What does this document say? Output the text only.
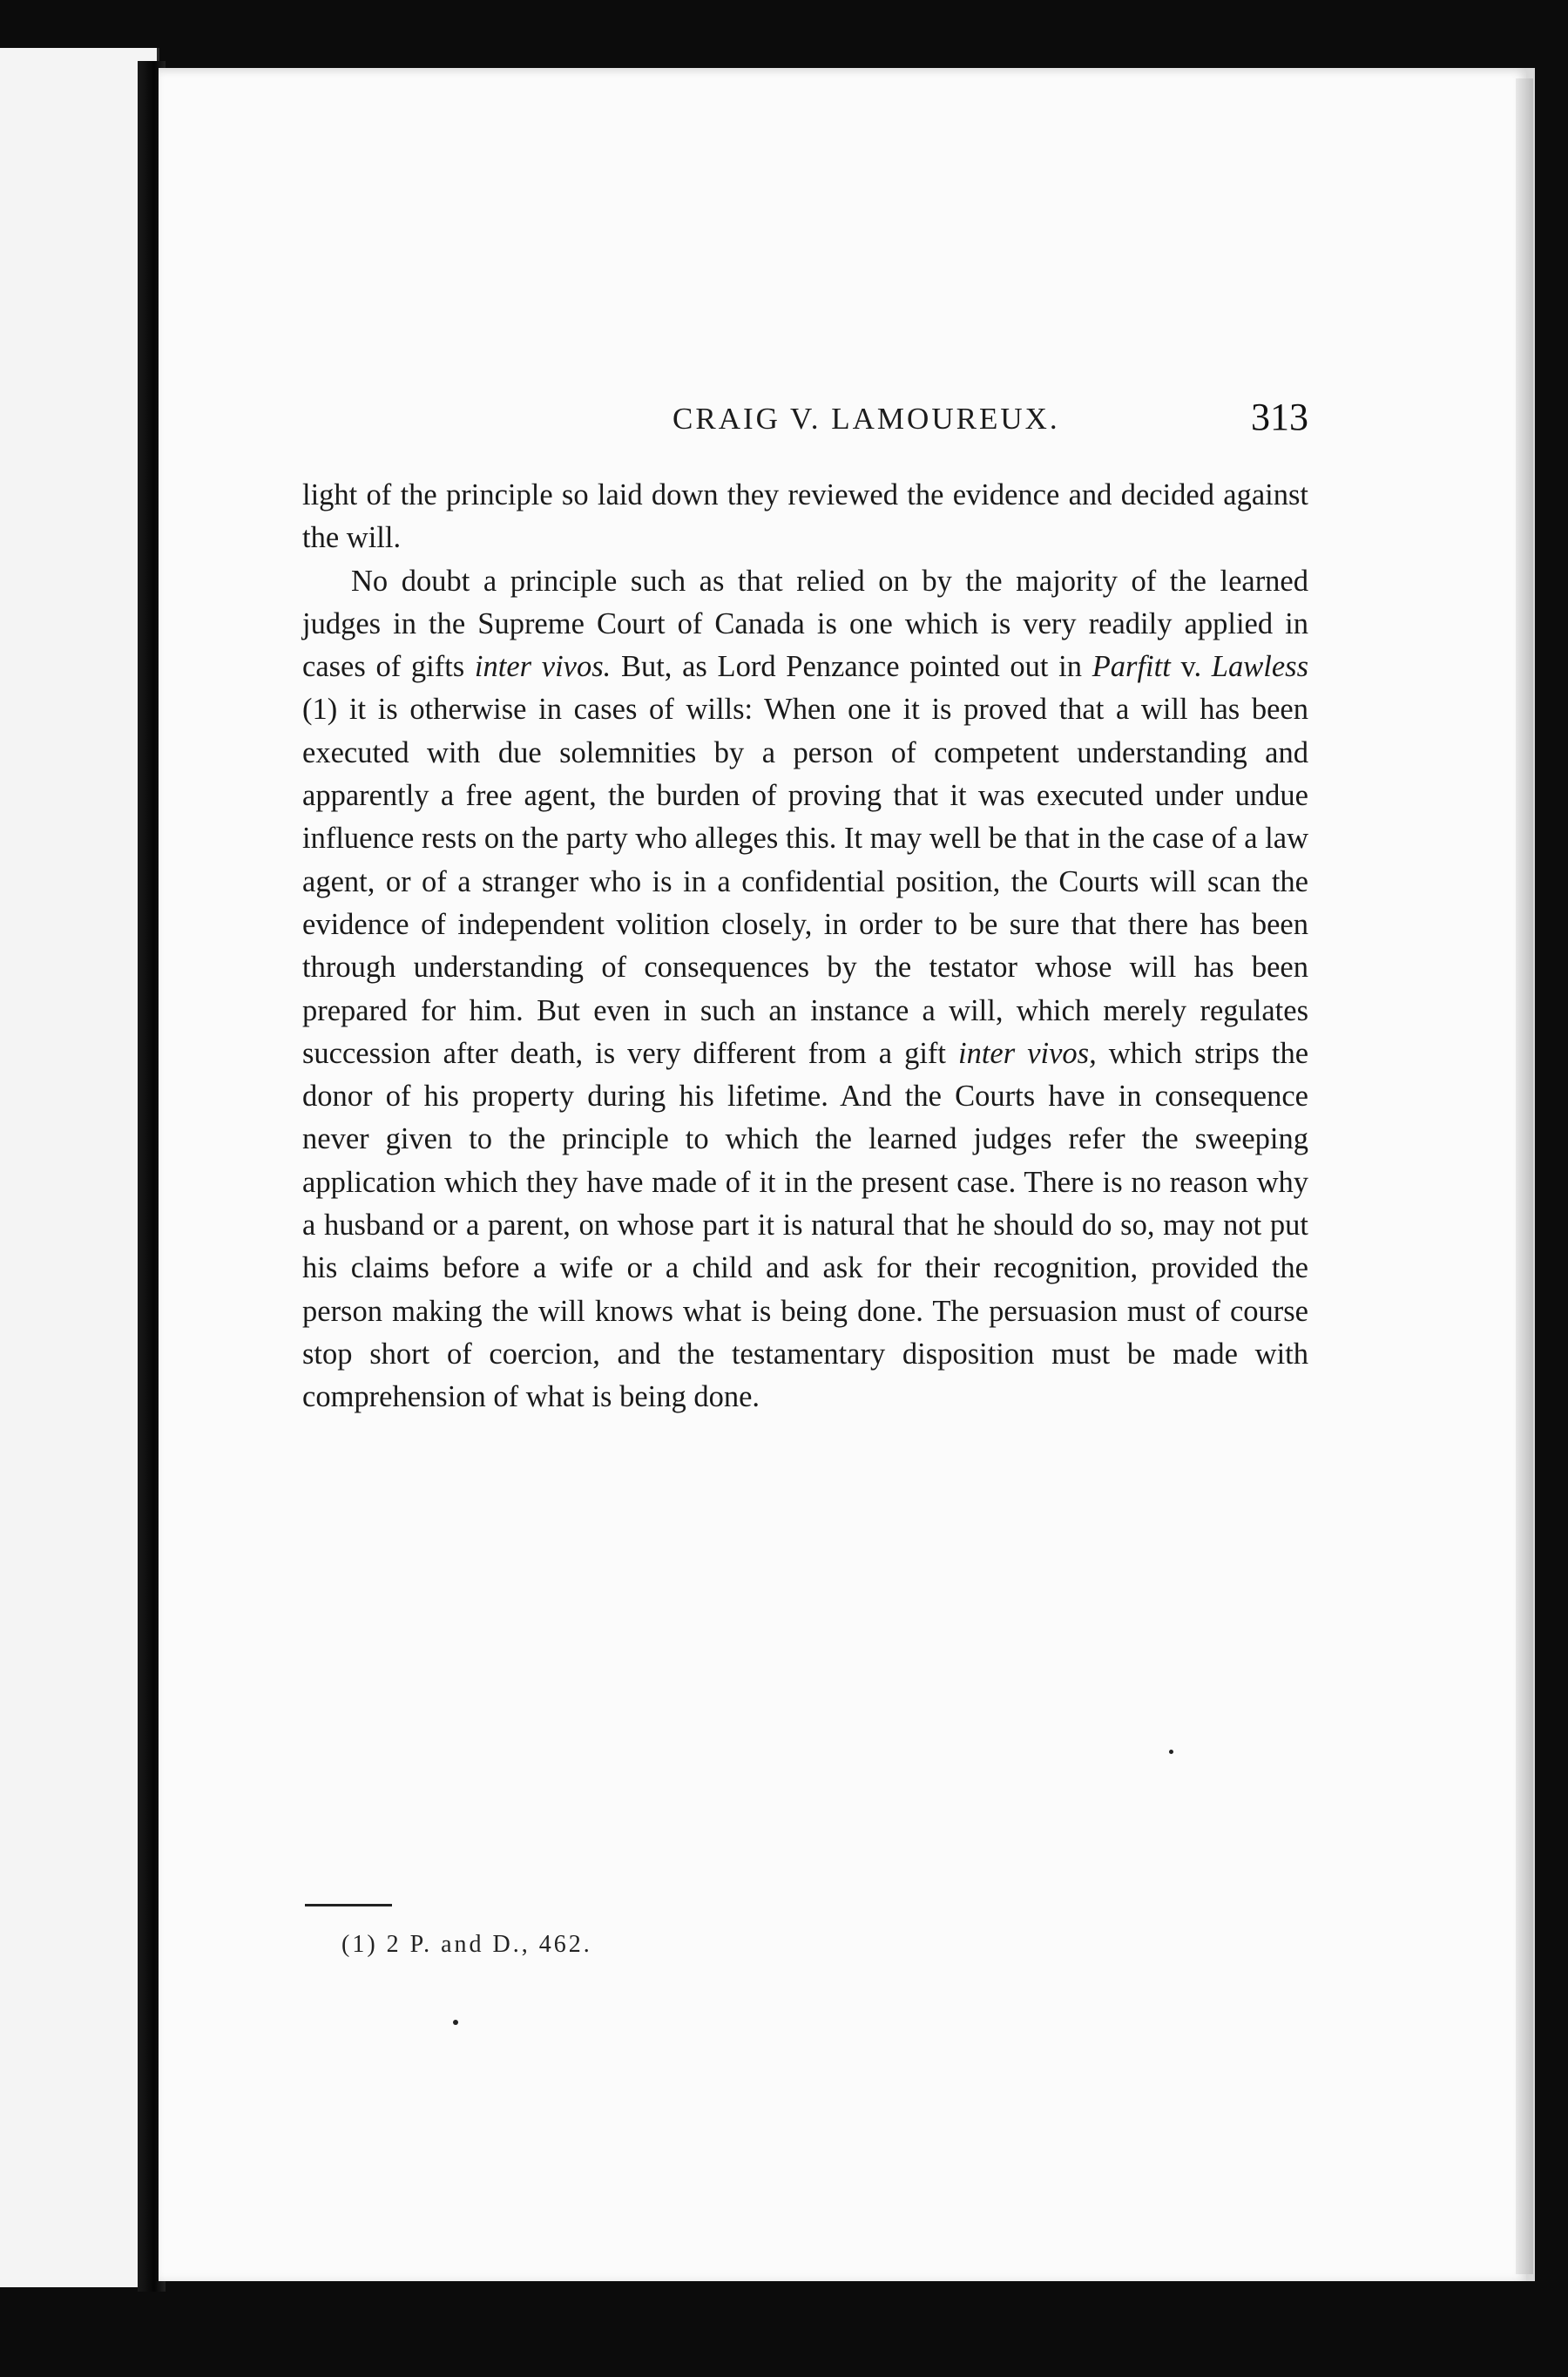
CRAIG V. LAMOUREUX.	313

light of the principle so laid down they reviewed the evidence and decided against the will.

No doubt a principle such as that relied on by the majority of the learned judges in the Supreme Court of Canada is one which is very readily applied in cases of gifts inter vivos. But, as Lord Penzance pointed out in Parfitt v. Lawless (1) it is otherwise in cases of wills: When one it is proved that a will has been executed with due solemnities by a person of competent understanding and apparently a free agent, the burden of proving that it was executed under undue influence rests on the party who alleges this. It may well be that in the case of a law agent, or of a stranger who is in a confidential position, the Courts will scan the evidence of independent volition closely, in order to be sure that there has been through understanding of consequences by the testator whose will has been prepared for him. But even in such an instance a will, which merely regulates succession after death, is very different from a gift inter vivos, which strips the donor of his property during his lifetime. And the Courts have in consequence never given to the principle to which the learned judges refer the sweeping application which they have made of it in the present case. There is no reason why a husband or a parent, on whose part it is natural that he should do so, may not put his claims before a wife or a child and ask for their recognition, provided the person making the will knows what is being done. The persuasion must of course stop short of coercion, and the testamentary disposition must be made with comprehension of what is being done.

(1) 2 P. and D., 462.
